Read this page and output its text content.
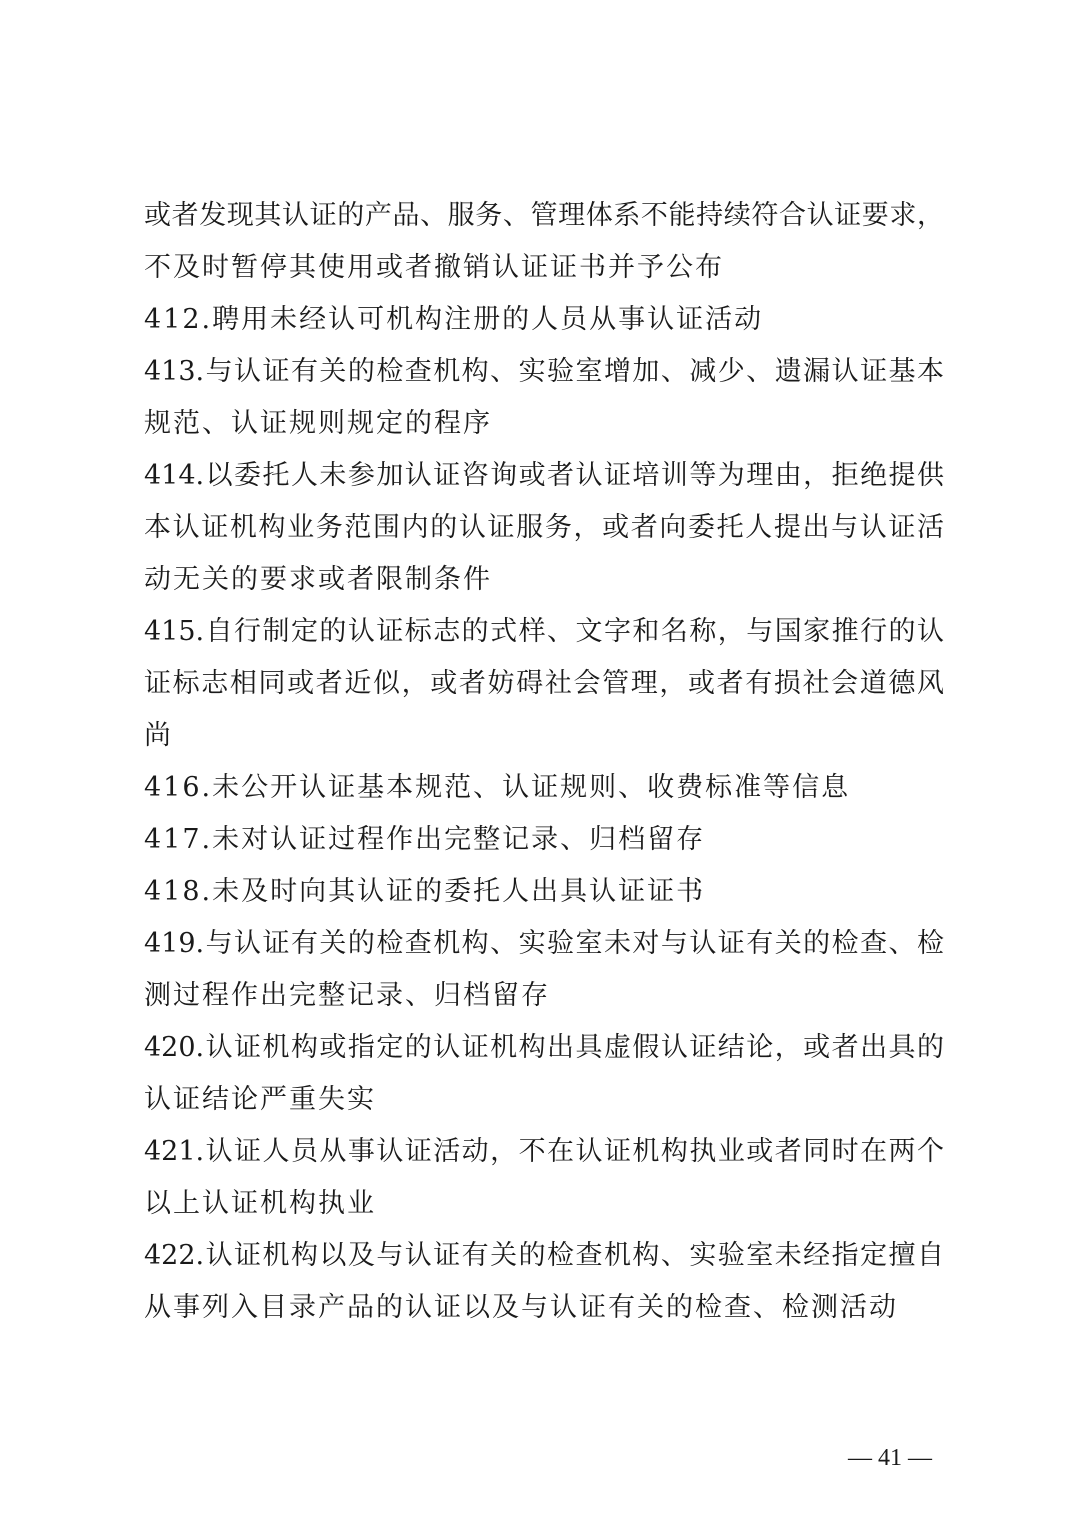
或者发现其认证的产品、服务、管理体系不能持续符合认证要求，
不及时暂停其使用或者撤销认证证书并予公布
412.聘用未经认可机构注册的人员从事认证活动
413.与认证有关的检查机构、实验室增加、减少、遗漏认证基本
规范、认证规则规定的程序
414.以委托人未参加认证咨询或者认证培训等为理由，拒绝提供
本认证机构业务范围内的认证服务，或者向委托人提出与认证活
动无关的要求或者限制条件
415.自行制定的认证标志的式样、文字和名称，与国家推行的认
证标志相同或者近似，或者妨碍社会管理，或者有损社会道德风
尚
416.未公开认证基本规范、认证规则、收费标准等信息
417.未对认证过程作出完整记录、归档留存
418.未及时向其认证的委托人出具认证证书
419.与认证有关的检查机构、实验室未对与认证有关的检查、检
测过程作出完整记录、归档留存
420.认证机构或指定的认证机构出具虚假认证结论，或者出具的
认证结论严重失实
421.认证人员从事认证活动，不在认证机构执业或者同时在两个
以上认证机构执业
422.认证机构以及与认证有关的检查机构、实验室未经指定擅自
从事列入目录产品的认证以及与认证有关的检查、检测活动
— 41 —
